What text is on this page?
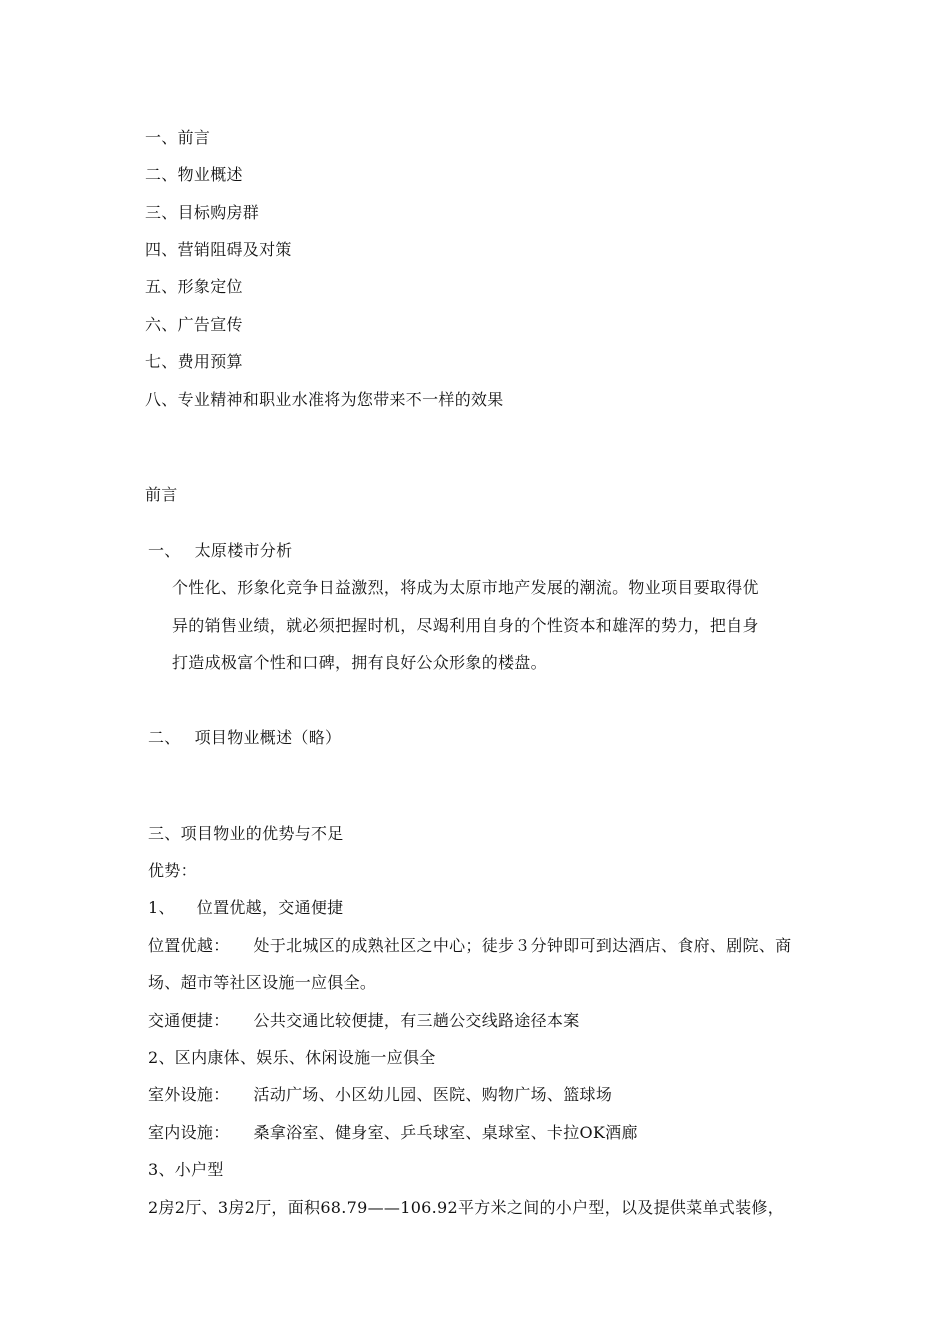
一、前言
二、物业概述
三、目标购房群
四、营销阻碍及对策
五、形象定位
六、广告宣传
七、费用预算
八、专业精神和职业水准将为您带来不一样的效果
前言
一、 太原楼市分析
个性化、形象化竞争日益激烈，将成为太原市地产发展的潮流。物业项目要取得优
异的销售业绩，就必须把握时机，尽竭利用自身的个性资本和雄浑的势力，把自身
打造成极富个性和口碑，拥有良好公众形象的楼盘。
二、 项目物业概述（略）
三、项目物业的优势与不足
优势：
1、 位置优越，交通便捷
位置优越： 处于北城区的成熟社区之中心；徒步３分钟即可到达酒店、食府、剧院、商
场、超市等社区设施一应俱全。
交通便捷： 公共交通比较便捷，有三趟公交线路途径本案
2、区内康体、娱乐、休闲设施一应俱全
室外设施： 活动广场、小区幼儿园、医院、购物广场、篮球场
室内设施： 桑拿浴室、健身室、乒乓球室、桌球室、卡拉OK酒廊
3、小户型
2房2厅、3房2厅，面积68.79——106.92平方米之间的小户型，以及提供菜单式装修，
